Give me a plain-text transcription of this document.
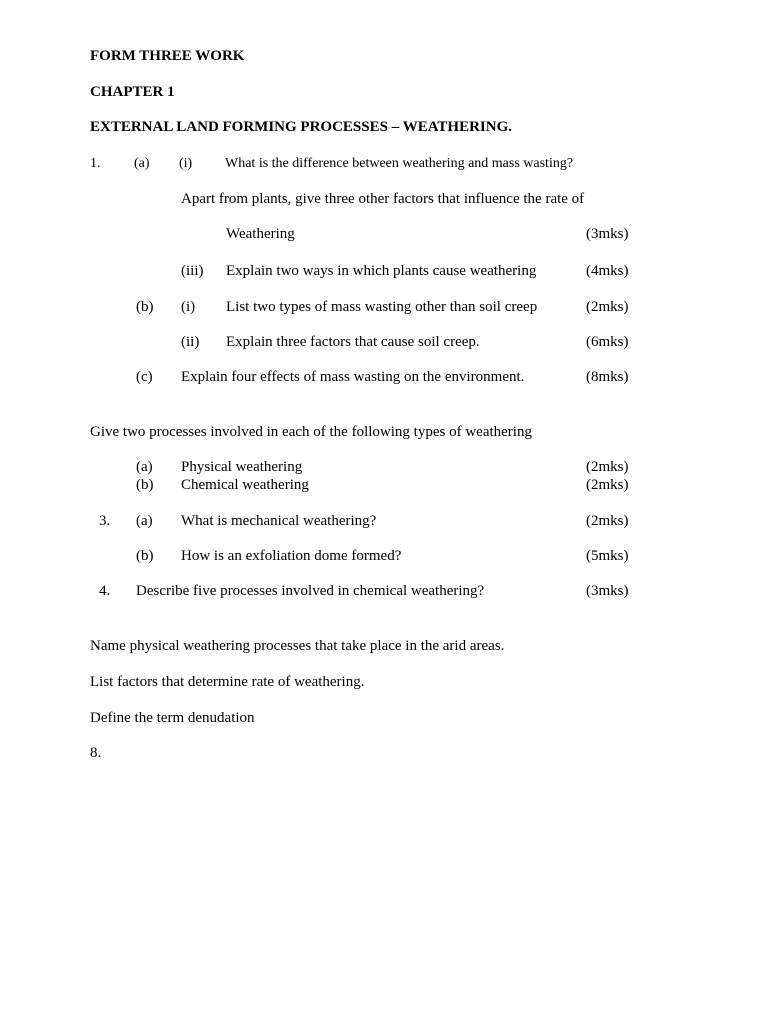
FORM THREE WORK
CHAPTER 1
EXTERNAL LAND FORMING PROCESSES – WEATHERING.
1. (a) (i) What is the difference between weathering and mass wasting?
Apart from plants, give three other factors that influence the rate of
Weathering	(3mks)
(iii) Explain two ways in which plants cause weathering	(4mks)
(b) (i) List two types of mass wasting other than soil creep	(2mks)
(ii) Explain three factors that cause soil creep.	(6mks)
(c) Explain four effects of mass wasting on the environment.	(8mks)
Give two processes involved in each of the following types of weathering
(a) Physical weathering	(2mks)
(b) Chemical weathering	(2mks)
3. (a) What is mechanical weathering?	(2mks)
(b) How is an exfoliation dome formed?	(5mks)
4. Describe five processes involved in chemical weathering?	(3mks)
Name physical weathering processes that take place in the arid areas.
List factors that determine rate of weathering.
Define the term denudation
8.
